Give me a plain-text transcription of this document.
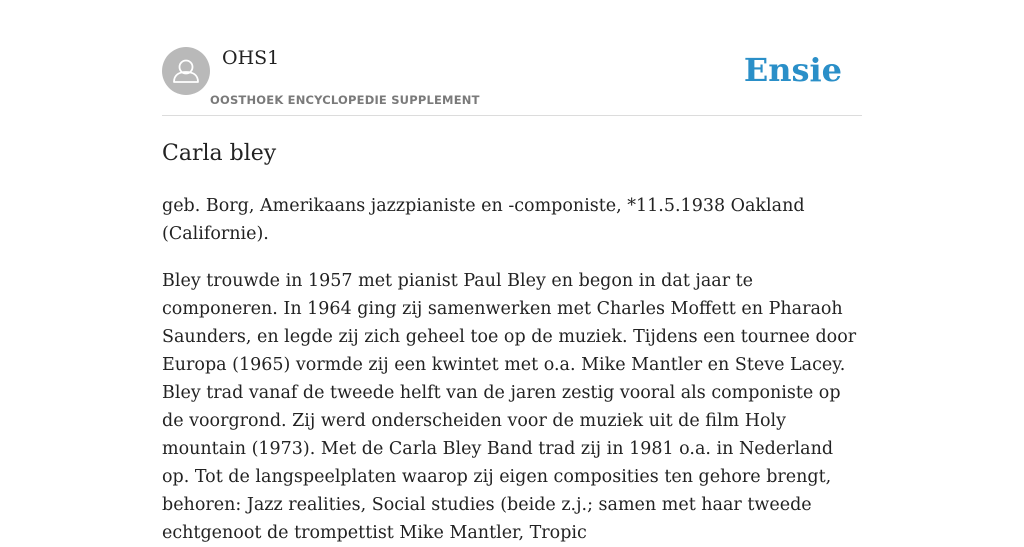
OHS1
OOSTHOEK ENCYCLOPEDIE SUPPLEMENT
Ensie
Carla bley

geb. Borg, Amerikaans jazzpianiste en -componiste, *11.5.1938 Oakland (Californie).

Bley trouwde in 1957 met pianist Paul Bley en begon in dat jaar te componeren. In 1964 ging zij samenwerken met Charles Moffett en Pharaoh Saunders, en legde zij zich geheel toe op de muziek. Tijdens een tournee door Europa (1965) vormde zij een kwintet met o.a. Mike Mantler en Steve Lacey. Bley trad vanaf de tweede helft van de jaren zestig vooral als componiste op de voorgrond. Zij werd onderscheiden voor de muziek uit de film Holy mountain (1973). Met de Carla Bley Band trad zij in 1981 o.a. in Nederland op. Tot de langspeelplaten waarop zij eigen composities ten gehore brengt, behoren: Jazz realities, Social studies (beide z.j.; samen met haar tweede echtgenoot de trompettist Mike Mantler, Tropic
